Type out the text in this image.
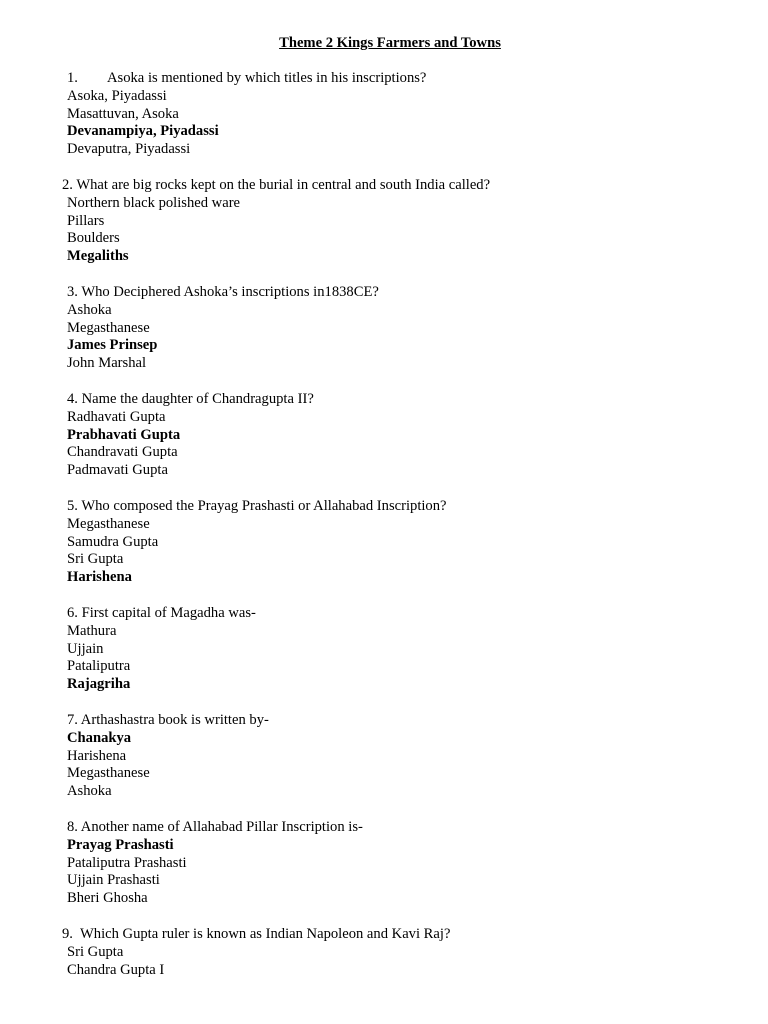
Theme 2 Kings Farmers and Towns
1. Asoka is mentioned by which titles in his inscriptions?
Asoka, Piyadassi
Masattuvan, Asoka
Devanampiya, Piyadassi
Devaputra, Piyadassi
2. What are big rocks kept on the burial in central and south India called?
Northern black polished ware
Pillars
Boulders
Megaliths
3. Who Deciphered Ashoka’s inscriptions in1838CE?
Ashoka
Megasthanese
James Prinsep
John Marshal
4. Name the daughter of Chandragupta II?
Radhavati Gupta
Prabhavati Gupta
Chandravati Gupta
Padmavati Gupta
5. Who composed the Prayag Prashasti or Allahabad Inscription?
Megasthanese
Samudra Gupta
Sri Gupta
Harishena
6. First capital of Magadha was-
Mathura
Ujjain
Pataliputra
Rajagriha
7. Arthashastra book is written by-
Chanakya
Harishena
Megasthanese
Ashoka
8. Another name of Allahabad Pillar Inscription is-
Prayag Prashasti
Pataliputra Prashasti
Ujjain Prashasti
Bheri Ghosha
9. Which Gupta ruler is known as Indian Napoleon and Kavi Raj?
Sri Gupta
Chandra Gupta I
